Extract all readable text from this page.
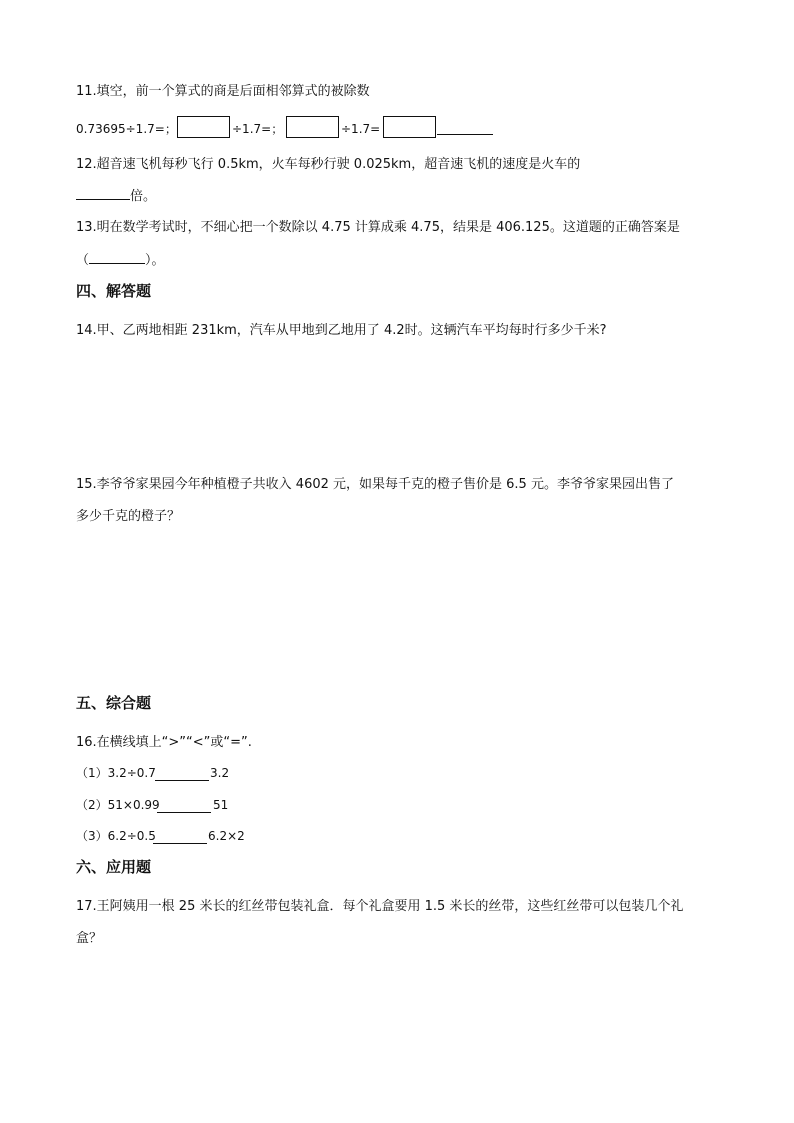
11.填空，前一个算式的商是后面相邻算式的被除数
0.73695÷1.7=；	÷1.7=；	÷1.7=
12.超音速飞机每秒飞行 0.5km，火车每秒行驶 0.025km，超音速飞机的速度是火车的
倍。
13.明在数学考试时，不细心把一个数除以 4.75 计算成乘 4.75，结果是 406.125。这道题的正确答案是
（	）。
四、解答题
14.甲、乙两地相距 231km，汽车从甲地到乙地用了 4.2时。这辆汽车平均每时行多少千米?
15.李爷爷家果园今年种植橙子共收入 4602 元，如果每千克的橙子售价是 6.5 元。李爷爷家果园出售了
多少千克的橙子？
五、综合题
16.在横线填上“>”“<”或“=”.
（1）3.2÷0.7	3.2
（2）51×0.99	51
（3）6.2÷0.5	6.2×2
六、应用题
17.王阿姨用一根 25 米长的红丝带包装礼盒．每个礼盒要用 1.5 米长的丝带，这些红丝带可以包装几个礼
盒？
